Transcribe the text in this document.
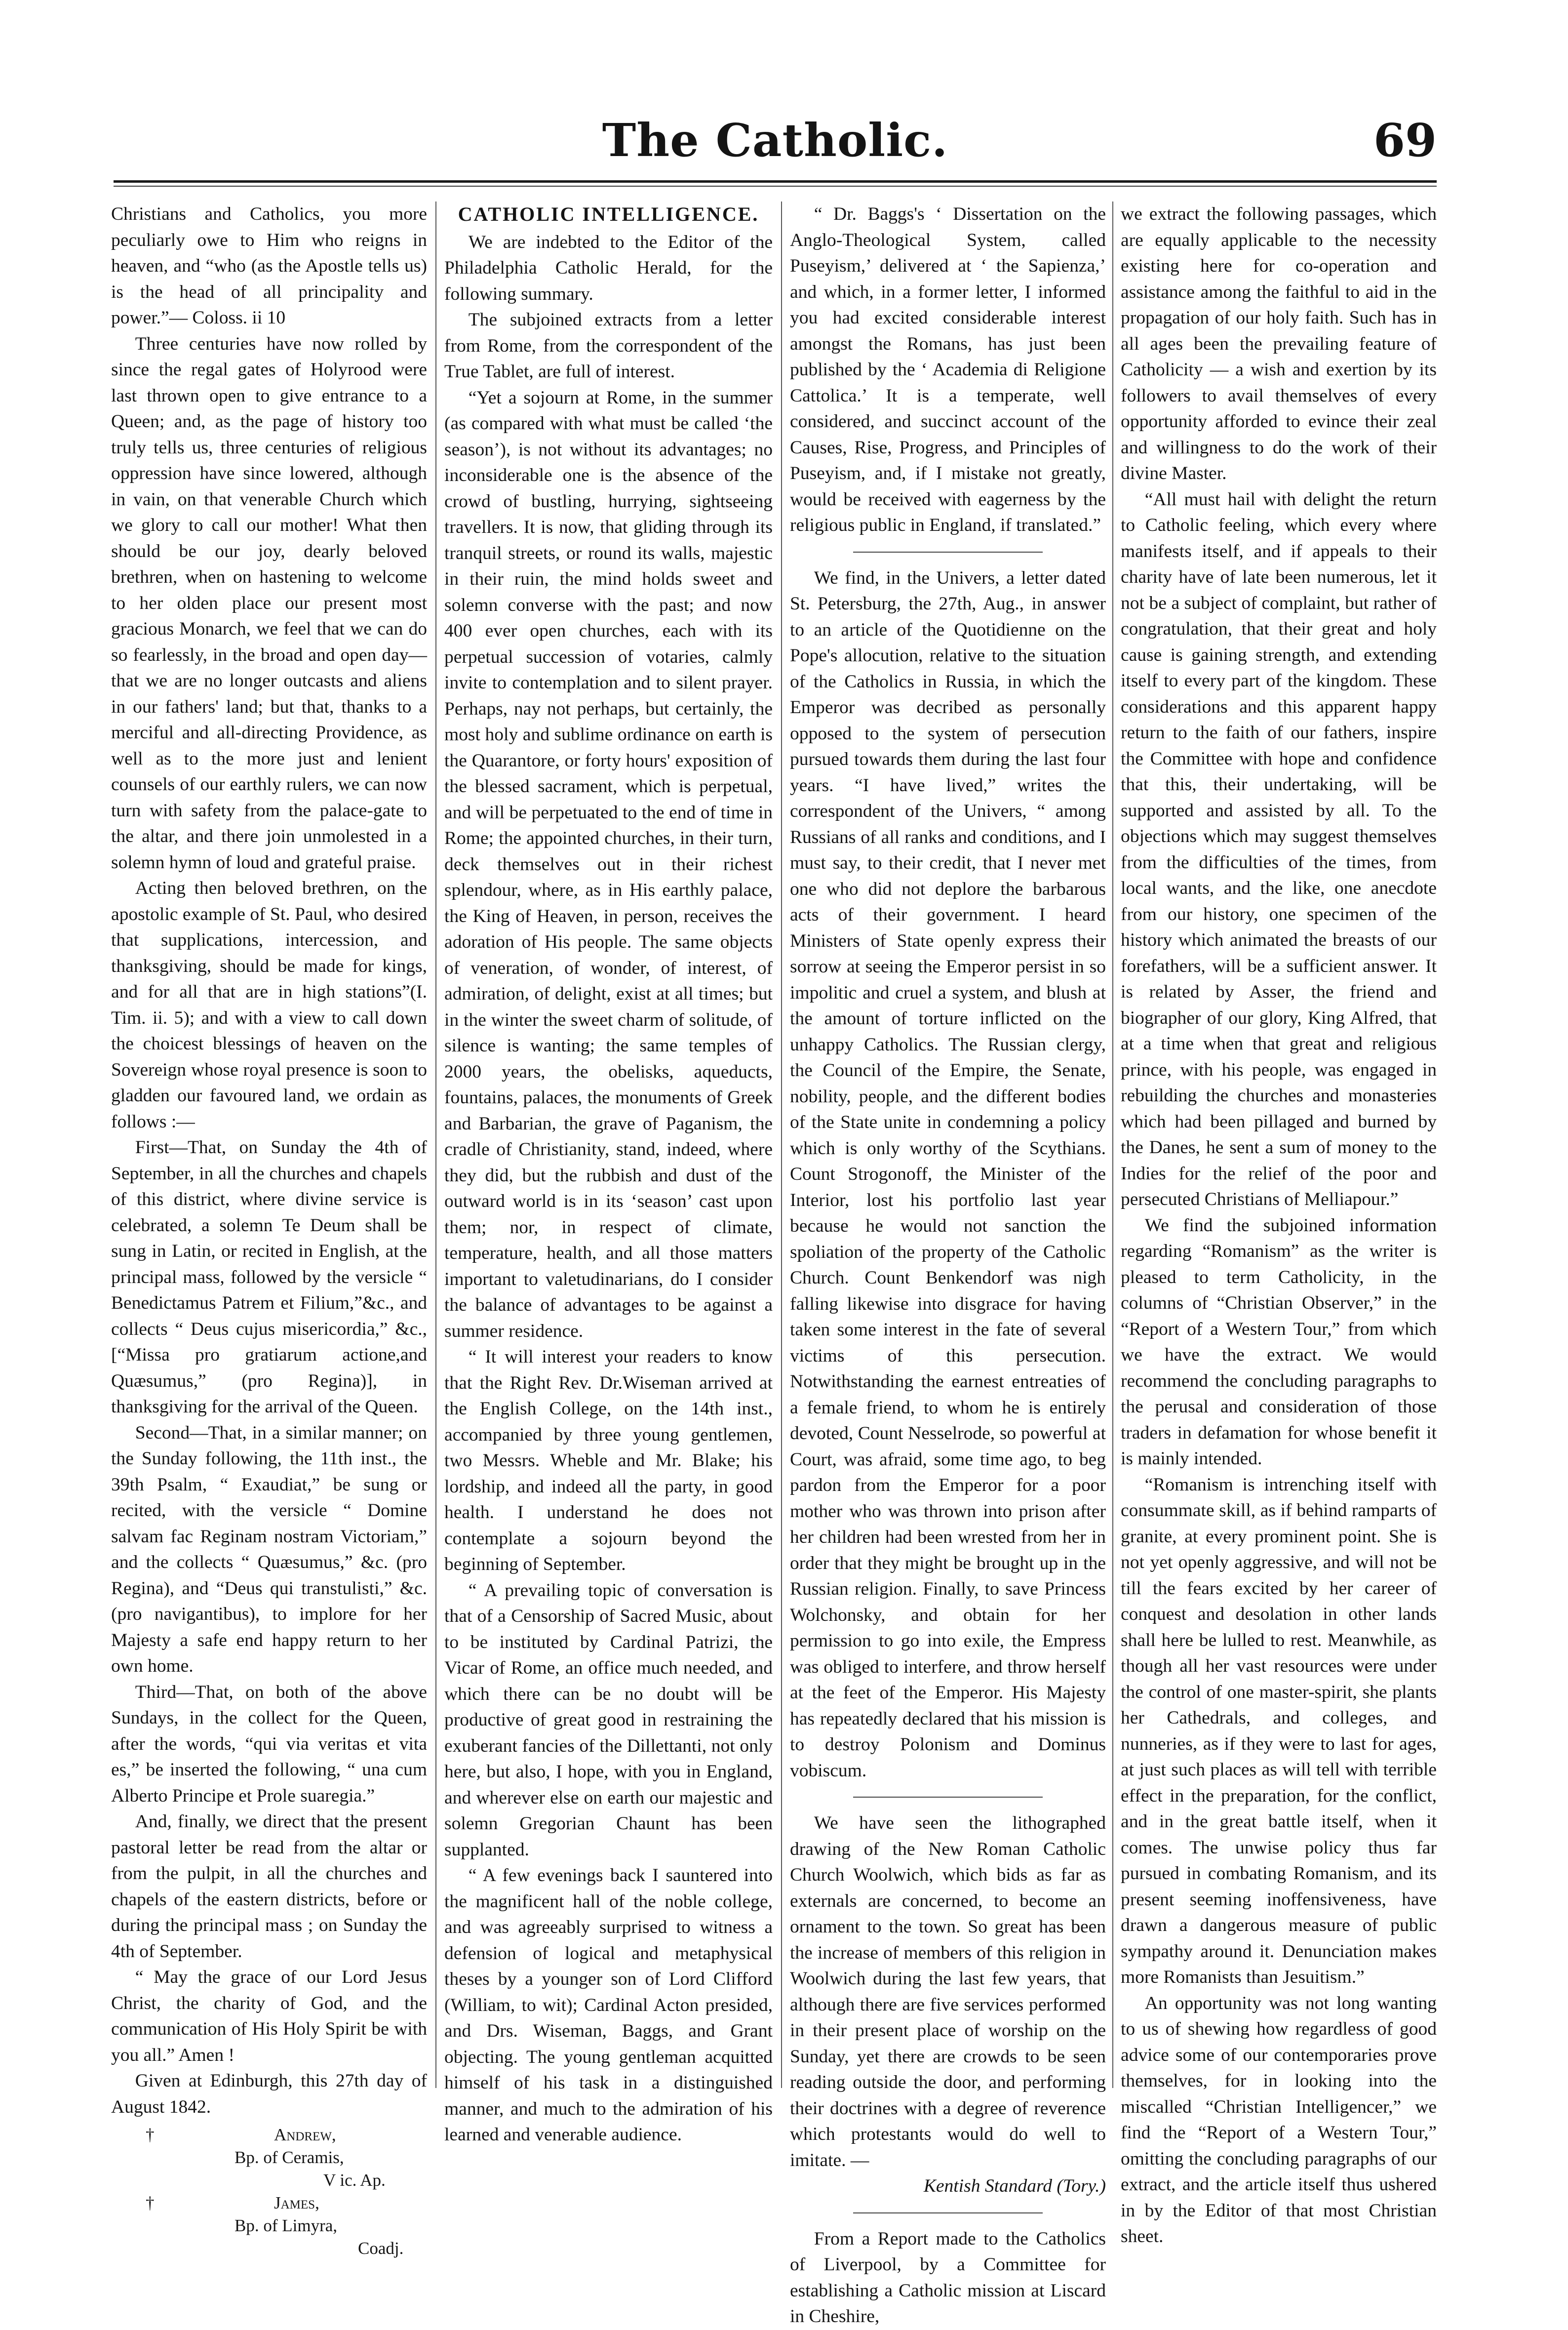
The Catholic.	69

Christians and Catholics, you more peculiarly owe to Him who reigns in heaven, and “who (as the Apostle tells us) is the head of all principality and power.”— Coloss. ii 10

Three centuries have now rolled by since the regal gates of Holyrood were last thrown open to give entrance to a Queen; and, as the page of history too truly tells us, three centuries of religious oppression have since lowered, although in vain, on that venerable Church which we glory to call our mother! What then should be our joy, dearly beloved brethren, when on hastening to welcome to her olden place our present most gracious Monarch, we feel that we can do so fearlessly, in the broad and open day—that we are no longer outcasts and aliens in our fathers' land; but that, thanks to a merciful and all-directing Providence, as well as to the more just and lenient counsels of our earthly rulers, we can now turn with safety from the palace-gate to the altar, and there join unmolested in a solemn hymn of loud and grateful praise.

Acting then beloved brethren, on the apostolic example of St. Paul, who desired that supplications, intercession, and thanksgiving, should be made for kings, and for all that are in high stations”(I. Tim. ii. 5); and with a view to call down the choicest blessings of heaven on the Sovereign whose royal presence is soon to gladden our favoured land, we ordain as follows :—

First—That, on Sunday the 4th of September, in all the churches and chapels of this district, where divine service is celebrated, a solemn Te Deum shall be sung in Latin, or recited in English, at the principal mass, followed by the versicle “ Benedictamus Patrem et Filium,”&c., and collects “ Deus cujus misericordia,” &c., [“Missa pro gratiarum actione,and Quæsumus,” (pro Regina)], in thanksgiving for the arrival of the Queen.

Second—That, in a similar manner; on the Sunday following, the 11th inst., the 39th Psalm, “ Exaudiat,” be sung or recited, with the versicle “ Domine salvam fac Reginam nostram Victoriam,” and the collects “ Quæsumus,” &c. (pro Regina), and “Deus qui transtulisti,” &c. (pro navigantibus), to implore for her Majesty a safe end happy return to her own home.

Third—That, on both of the above Sundays, in the collect for the Queen, after the words, “qui via veritas et vita es,” be inserted the following, “ una cum Alberto Principe et Prole suaregia.”

And, finally, we direct that the present pastoral letter be read from the altar or from the pulpit, in all the churches and chapels of the eastern districts, before or during the principal mass ; on Sunday the 4th of September.

“ May the grace of our Lord Jesus Christ, the charity of God, and the communication of His Holy Spirit be with you all.” Amen !

Given at Edinburgh, this 27th day of August 1842.

†	Andrew,
Bp. of Ceramis,
V ic. Ap.
†	James,
Bp. of Limyra,
Coadj.

CATHOLIC INTELLIGENCE.

We are indebted to the Editor of the Philadelphia Catholic Herald, for the following summary.

The subjoined extracts from a letter from Rome, from the correspondent of the True Tablet, are full of interest.

“Yet a sojourn at Rome, in the summer (as compared with what must be called ‘the season’), is not without its advantages; no inconsiderable one is the absence of the crowd of bustling, hurrying, sightseeing travellers. It is now, that gliding through its tranquil streets, or round its walls, majestic in their ruin, the mind holds sweet and solemn converse with the past; and now 400 ever open churches, each with its perpetual succession of votaries, calmly invite to contemplation and to silent prayer. Perhaps, nay not perhaps, but certainly, the most holy and sublime ordinance on earth is the Quarantore, or forty hours' exposition of the blessed sacrament, which is perpetual, and will be perpetuated to the end of time in Rome; the appointed churches, in their turn, deck themselves out in their richest splendour, where, as in His earthly palace, the King of Heaven, in person, receives the adoration of His people. The same objects of veneration, of wonder, of interest, of admiration, of delight, exist at all times; but in the winter the sweet charm of solitude, of silence is wanting; the same temples of 2000 years, the obelisks, aqueducts, fountains, palaces, the monuments of Greek and Barbarian, the grave of Paganism, the cradle of Christianity, stand, indeed, where they did, but the rubbish and dust of the outward world is in its ‘season’ cast upon them; nor, in respect of climate, temperature, health, and all those matters important to valetudinarians, do I consider the balance of advantages to be against a summer residence.

“ It will interest your readers to know that the Right Rev. Dr.Wiseman arrived at the English College, on the 14th inst., accompanied by three young gentlemen, two Messrs. Wheble and Mr. Blake; his lordship, and indeed all the party, in good health. I understand he does not contemplate a sojourn beyond the beginning of September.

“ A prevailing topic of conversation is that of a Censorship of Sacred Music, about to be instituted by Cardinal Patrizi, the Vicar of Rome, an office much needed, and which there can be no doubt will be productive of great good in restraining the exuberant fancies of the Dillettanti, not only here, but also, I hope, with you in England, and wherever else on earth our majestic and solemn Gregorian Chaunt has been supplanted.

“ A few evenings back I sauntered into the magnificent hall of the noble college, and was agreeably surprised to witness a defension of logical and metaphysical theses by a younger son of Lord Clifford (William, to wit); Cardinal Acton presided, and Drs. Wiseman, Baggs, and Grant objecting. The young gentleman acquitted himself of his task in a distinguished manner, and much to the admiration of his learned and venerable audience.

“ Dr. Baggs's ‘ Dissertation on the Anglo-Theological System, called Puseyism,’ delivered at ‘ the Sapienza,’ and which, in a former letter, I informed you had excited considerable interest amongst the Romans, has just been published by the ‘ Academia di Religione Cattolica.’ It is a temperate, well considered, and succinct account of the Causes, Rise, Progress, and Principles of Puseyism, and, if I mistake not greatly, would be received with eagerness by the religious public in England, if translated.”

We find, in the Univers, a letter dated St. Petersburg, the 27th, Aug., in answer to an article of the Quotidienne on the Pope's allocution, relative to the situation of the Catholics in Russia, in which the Emperor was decribed as personally opposed to the system of persecution pursued towards them during the last four years. “I have lived,” writes the correspondent of the Univers, “ among Russians of all ranks and conditions, and I must say, to their credit, that I never met one who did not deplore the barbarous acts of their government. I heard Ministers of State openly express their sorrow at seeing the Emperor persist in so impolitic and cruel a system, and blush at the amount of torture inflicted on the unhappy Catholics. The Russian clergy, the Council of the Empire, the Senate, nobility, people, and the different bodies of the State unite in condemning a policy which is only worthy of the Scythians. Count Strogonoff, the Minister of the Interior, lost his portfolio last year because he would not sanction the spoliation of the property of the Catholic Church. Count Benkendorf was nigh falling likewise into disgrace for having taken some interest in the fate of several victims of this persecution. Notwithstanding the earnest entreaties of a female friend, to whom he is entirely devoted, Count Nesselrode, so powerful at Court, was afraid, some time ago, to beg pardon from the Emperor for a poor mother who was thrown into prison after her children had been wrested from her in order that they might be brought up in the Russian religion. Finally, to save Princess Wolchonsky, and obtain for her permission to go into exile, the Empress was obliged to interfere, and throw herself at the feet of the Emperor. His Majesty has repeatedly declared that his mission is to destroy Polonism and Dominus vobiscum.

We have seen the lithographed drawing of the New Roman Catholic Church Woolwich, which bids as far as externals are concerned, to become an ornament to the town. So great has been the increase of members of this religion in Woolwich during the last few years, that although there are five services performed in their present place of worship on the Sunday, yet there are crowds to be seen reading outside the door, and performing their doctrines with a degree of reverence which protestants would do well to imitate. —

Kentish Standard (Tory.)

From a Report made to the Catholics of Liverpool, by a Committee for establishing a Catholic mission at Liscard in Cheshire,

we extract the following passages, which are equally applicable to the necessity existing here for co-operation and assistance among the faithful to aid in the propagation of our holy faith. Such has in all ages been the prevailing feature of Catholicity — a wish and exertion by its followers to avail themselves of every opportunity afforded to evince their zeal and willingness to do the work of their divine Master.

“All must hail with delight the return to Catholic feeling, which every where manifests itself, and if appeals to their charity have of late been numerous, let it not be a subject of complaint, but rather of congratulation, that their great and holy cause is gaining strength, and extending itself to every part of the kingdom. These considerations and this apparent happy return to the faith of our fathers, inspire the Committee with hope and confidence that this, their undertaking, will be supported and assisted by all. To the objections which may suggest themselves from the difficulties of the times, from local wants, and the like, one anecdote from our history, one specimen of the history which animated the breasts of our forefathers, will be a sufficient answer. It is related by Asser, the friend and biographer of our glory, King Alfred, that at a time when that great and religious prince, with his people, was engaged in rebuilding the churches and monasteries which had been pillaged and burned by the Danes, he sent a sum of money to the Indies for the relief of the poor and persecuted Christians of Melliapour.”

We find the subjoined information regarding “Romanism” as the writer is pleased to term Catholicity, in the columns of “Christian Observer,” in the “Report of a Western Tour,” from which we have the extract. We would recommend the concluding paragraphs to the perusal and consideration of those traders in defamation for whose benefit it is mainly intended.

“Romanism is intrenching itself with consummate skill, as if behind ramparts of granite, at every prominent point. She is not yet openly aggressive, and will not be till the fears excited by her career of conquest and desolation in other lands shall here be lulled to rest. Meanwhile, as though all her vast resources were under the control of one master-spirit, she plants her Cathedrals, and colleges, and nunneries, as if they were to last for ages, at just such places as will tell with terrible effect in the preparation, for the conflict, and in the great battle itself, when it comes. The unwise policy thus far pursued in combating Romanism, and its present seeming inoffensiveness, have drawn a dangerous measure of public sympathy around it. Denunciation makes more Romanists than Jesuitism.”

An opportunity was not long wanting to us of shewing how regardless of good advice some of our contemporaries prove themselves, for in looking into the miscalled “Christian Intelligencer,” we find the “Report of a Western Tour,” omitting the concluding paragraphs of our extract, and the article itself thus ushered in by the Editor of that most Christian sheet.
